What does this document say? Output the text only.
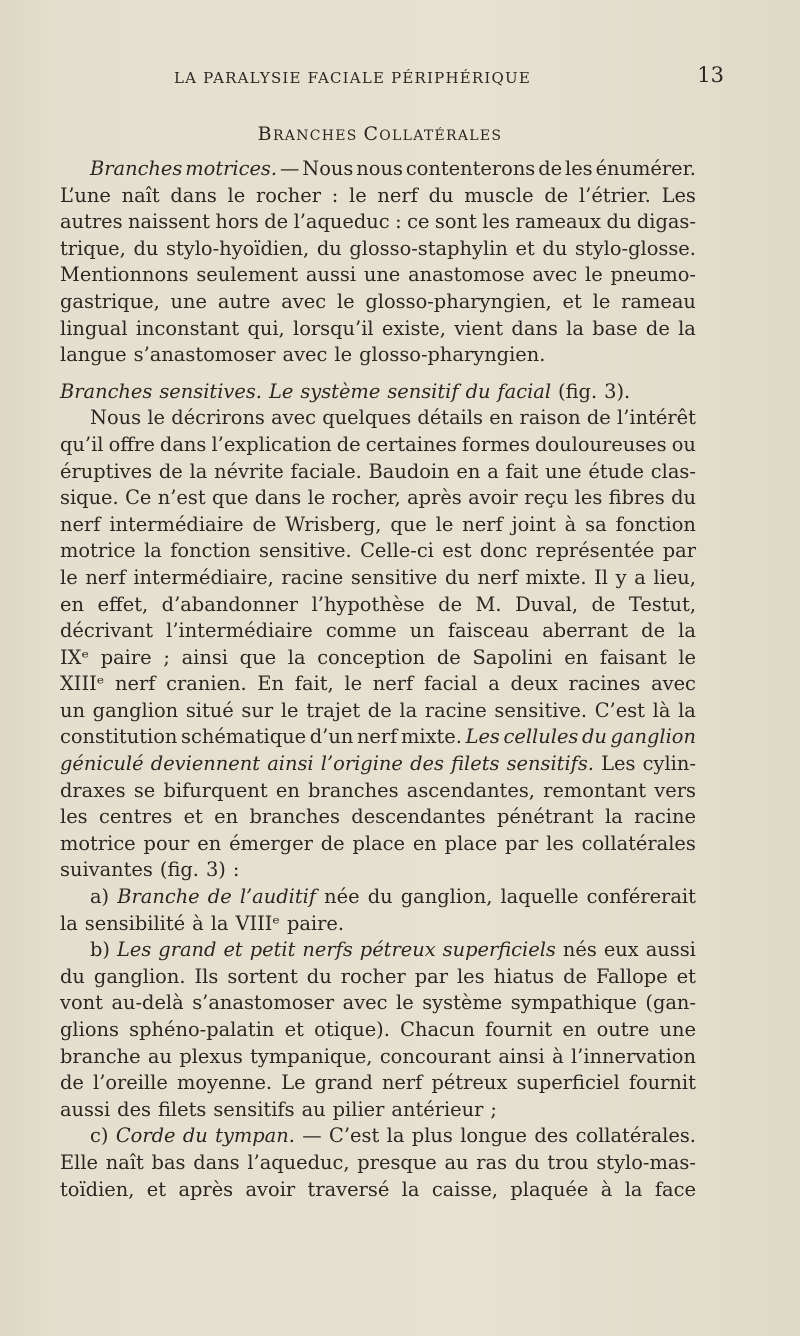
LA PARALYSIE FACIALE PÉRIPHÉRIQUE	13
BRANCHES COLLATÉRALES
Branches motrices. — Nous nous contenterons de les énumérer.
L’une naît dans le rocher : le nerf du muscle de l’étrier. Les
autres naissent hors de l’aqueduc : ce sont les rameaux du digas-
trique, du stylo-hyoïdien, du glosso-staphylin et du stylo-glosse.
Mentionnons seulement aussi une anastomose avec le pneumo-
gastrique, une autre avec le glosso-pharyngien, et le rameau
lingual inconstant qui, lorsqu’il existe, vient dans la base de la
langue s’anastomoser avec le glosso-pharyngien.
Branches sensitives. Le système sensitif du facial (fig. 3).
Nous le décrirons avec quelques détails en raison de l’intérêt
qu’il offre dans l’explication de certaines formes douloureuses ou
éruptives de la névrite faciale. Baudoin en a fait une étude clas-
sique. Ce n’est que dans le rocher, après avoir reçu les fibres du
nerf intermédiaire de Wrisberg, que le nerf joint à sa fonction
motrice la fonction sensitive. Celle-ci est donc représentée par
le nerf intermédiaire, racine sensitive du nerf mixte. Il y a lieu,
en effet, d’abandonner l’hypothèse de M. Duval, de Testut,
décrivant l’intermédiaire comme un faisceau aberrant de la
IXᵉ paire ; ainsi que la conception de Sapolini en faisant le
XIIIᵉ nerf cranien. En fait, le nerf facial a deux racines avec
un ganglion situé sur le trajet de la racine sensitive. C’est là la
constitution schématique d’un nerf mixte. Les cellules du ganglion
géniculé deviennent ainsi l’origine des filets sensitifs. Les cylin-
draxes se bifurquent en branches ascendantes, remontant vers
les centres et en branches descendantes pénétrant la racine
motrice pour en émerger de place en place par les collatérales
suivantes (fig. 3) :
a) Branche de l’auditif née du ganglion, laquelle conférerait
la sensibilité à la VIIIᵉ paire.
b) Les grand et petit nerfs pétreux superficiels nés eux aussi
du ganglion. Ils sortent du rocher par les hiatus de Fallope et
vont au-delà s’anastomoser avec le système sympathique (gan-
glions sphéno-palatin et otique). Chacun fournit en outre une
branche au plexus tympanique, concourant ainsi à l’innervation
de l’oreille moyenne. Le grand nerf pétreux superficiel fournit
aussi des filets sensitifs au pilier antérieur ;
c) Corde du tympan. — C’est la plus longue des collatérales.
Elle naît bas dans l’aqueduc, presque au ras du trou stylo-mas-
toïdien, et après avoir traversé la caisse, plaquée à la face
